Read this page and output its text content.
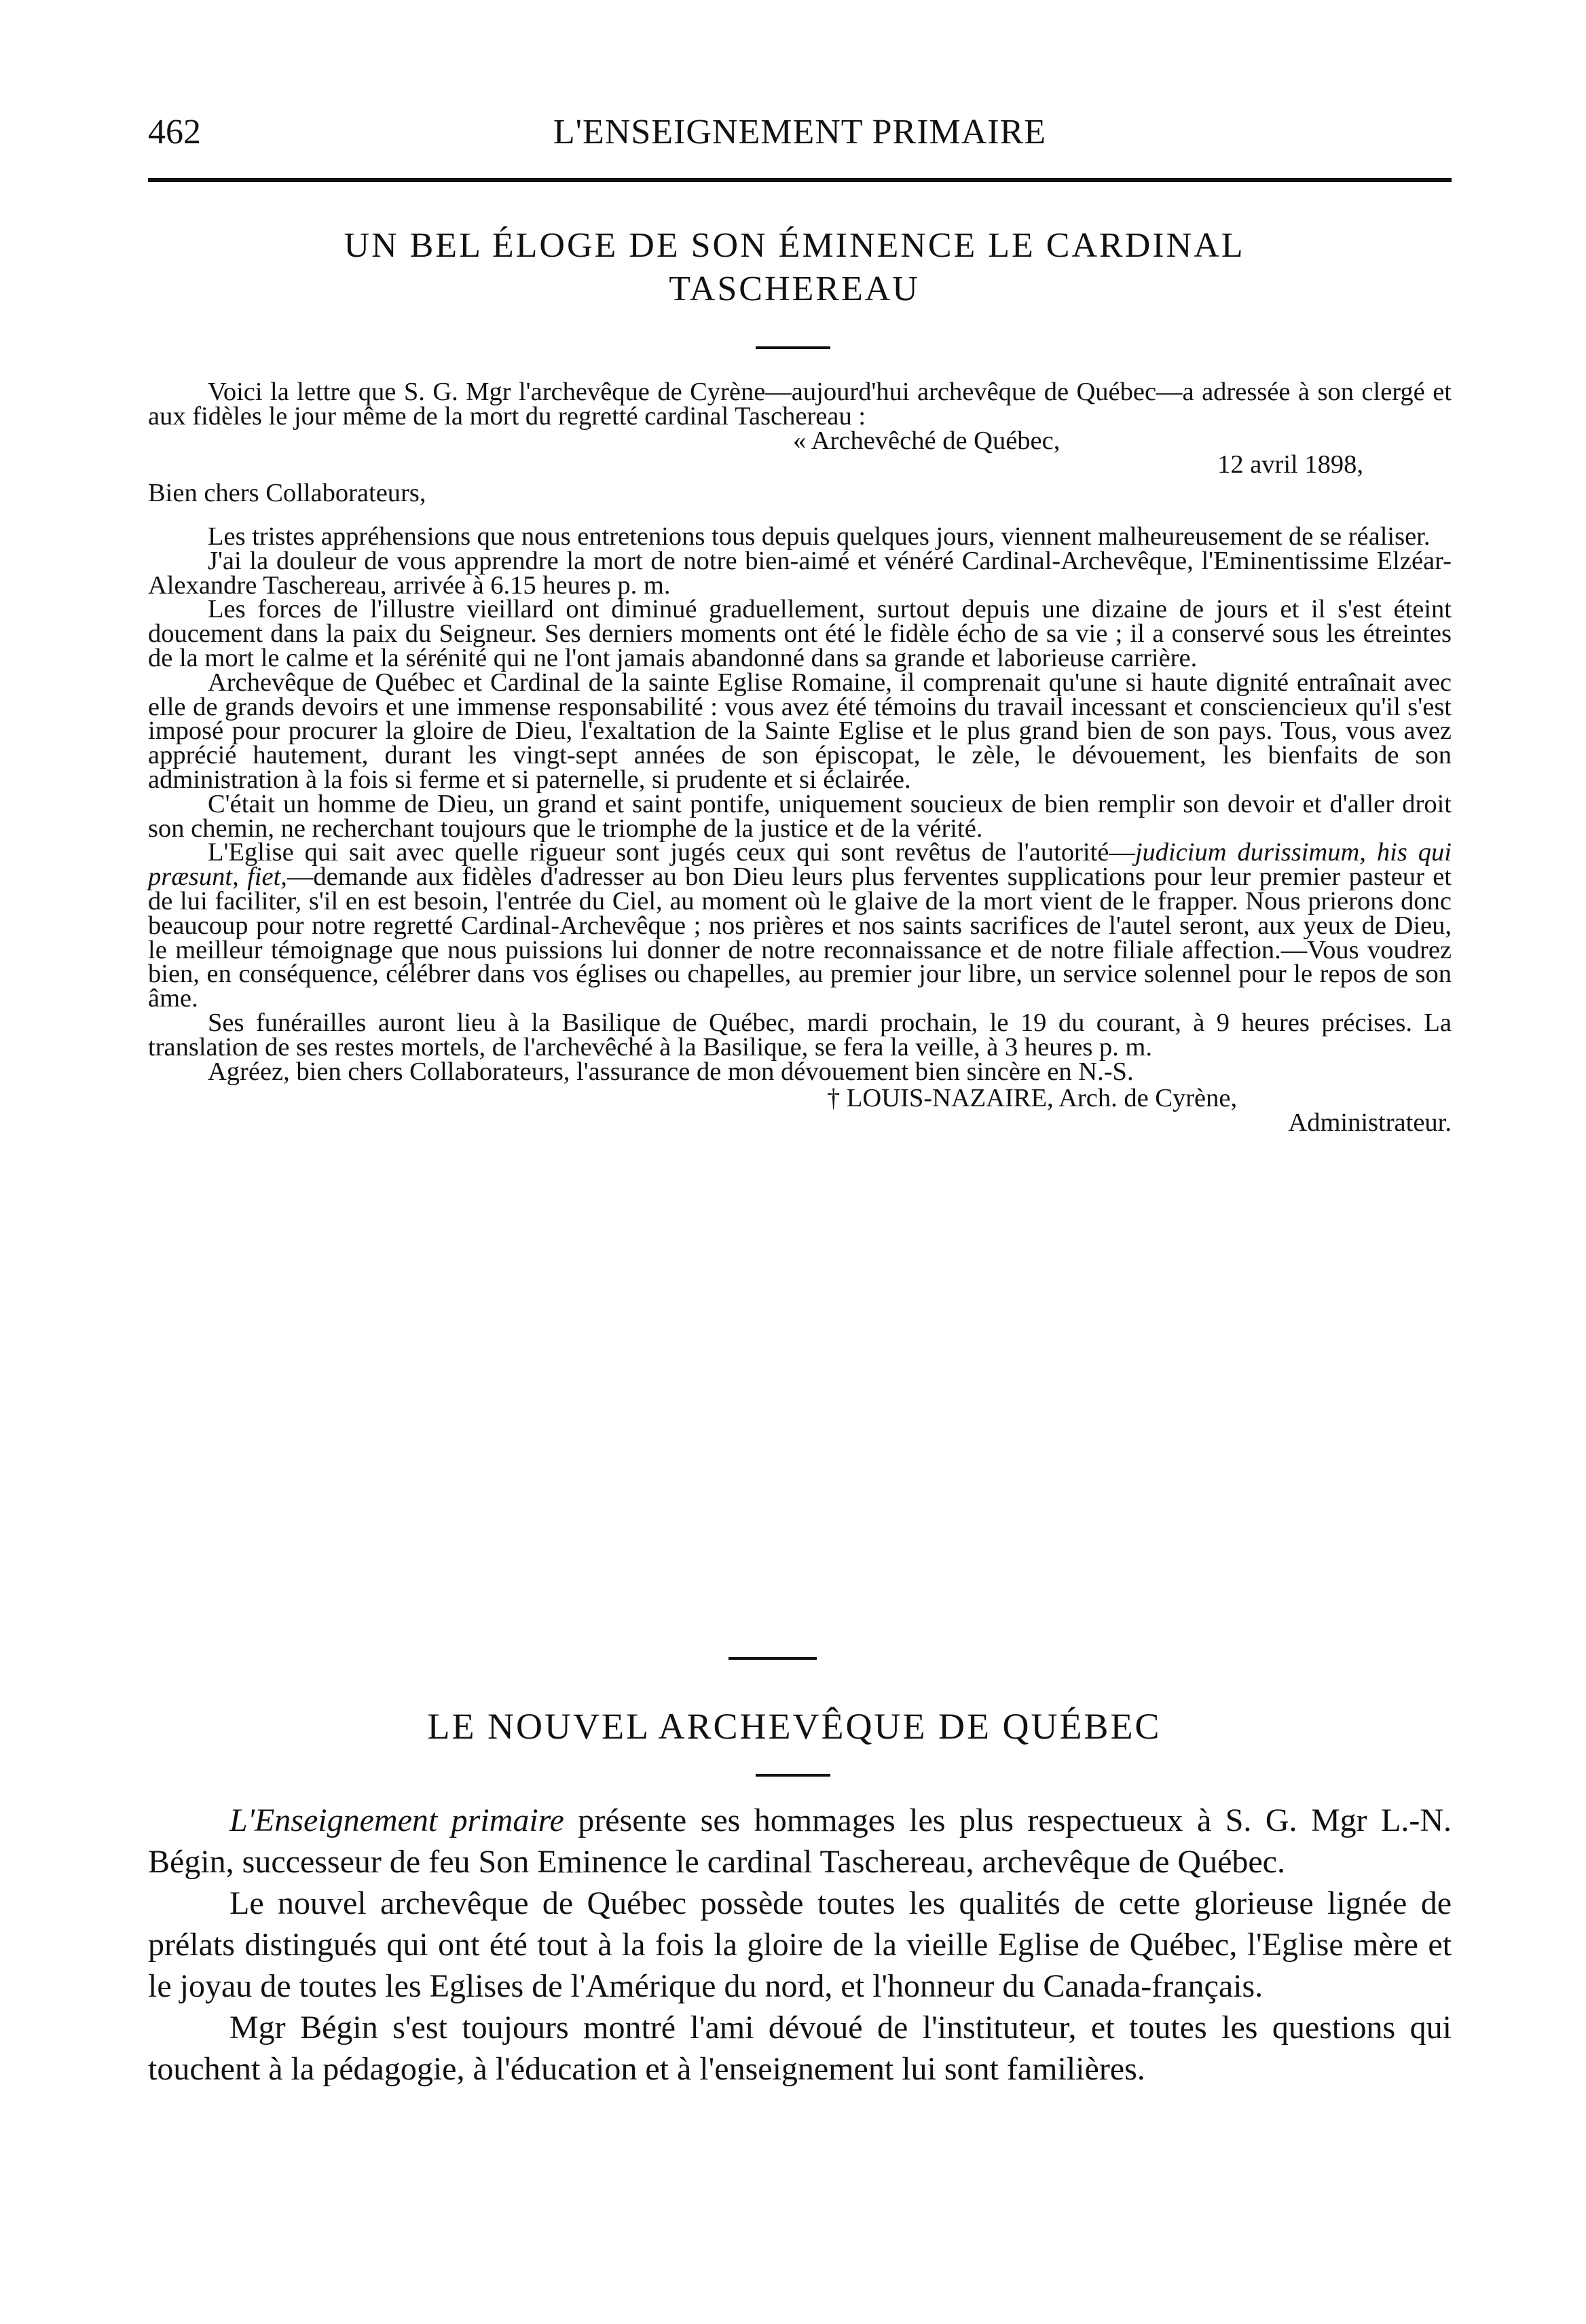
462	L'ENSEIGNEMENT PRIMAIRE
UN BEL ÉLOGE DE SON ÉMINENCE LE CARDINAL
TASCHEREAU

Voici la lettre que S. G. Mgr l'archevêque de Cyrène—aujourd'hui archevêque de Québec—a adressée à son clergé et aux fidèles le jour même de la mort du regretté cardinal Taschereau :

« Archevêché de Québec,
12 avril 1898,

Bien chers Collaborateurs,

Les tristes appréhensions que nous entretenions tous depuis quelques jours, viennent malheureusement de se réaliser.

J'ai la douleur de vous apprendre la mort de notre bien-aimé et vénéré Cardinal-Archevêque, l'Eminentissime Elzéar-Alexandre Taschereau, arrivée à 6.15 heures p. m.

Les forces de l'illustre vieillard ont diminué graduellement, surtout depuis une dizaine de jours et il s'est éteint doucement dans la paix du Seigneur. Ses derniers moments ont été le fidèle écho de sa vie ; il a conservé sous les étreintes de la mort le calme et la sérénité qui ne l'ont jamais abandonné dans sa grande et laborieuse carrière.

Archevêque de Québec et Cardinal de la sainte Eglise Romaine, il comprenait qu'une si haute dignité entraînait avec elle de grands devoirs et une immense responsabilité : vous avez été témoins du travail incessant et consciencieux qu'il s'est imposé pour procurer la gloire de Dieu, l'exaltation de la Sainte Eglise et le plus grand bien de son pays. Tous, vous avez apprécié hautement, durant les vingt-sept années de son épiscopat, le zèle, le dévouement, les bienfaits de son administration à la fois si ferme et si paternelle, si prudente et si éclairée.

C'était un homme de Dieu, un grand et saint pontife, uniquement soucieux de bien remplir son devoir et d'aller droit son chemin, ne recherchant toujours que le triomphe de la justice et de la vérité.

L'Eglise qui sait avec quelle rigueur sont jugés ceux qui sont revêtus de l'autorité—judicium durissimum, his qui præsunt, fiet,—demande aux fidèles d'adresser au bon Dieu leurs plus ferventes supplications pour leur premier pasteur et de lui faciliter, s'il en est besoin, l'entrée du Ciel, au moment où le glaive de la mort vient de le frapper. Nous prierons donc beaucoup pour notre regretté Cardinal-Archevêque ; nos prières et nos saints sacrifices de l'autel seront, aux yeux de Dieu, le meilleur témoignage que nous puissions lui donner de notre reconnaissance et de notre filiale affection.—Vous voudrez bien, en conséquence, célébrer dans vos églises ou chapelles, au premier jour libre, un service solennel pour le repos de son âme.

Ses funérailles auront lieu à la Basilique de Québec, mardi prochain, le 19 du courant, à 9 heures précises. La translation de ses restes mortels, de l'archevêché à la Basilique, se fera la veille, à 3 heures p. m.

Agréez, bien chers Collaborateurs, l'assurance de mon dévouement bien sincère en N.-S.

† LOUIS-NAZAIRE, Arch. de Cyrène,
Administrateur.
LE NOUVEL ARCHEVÊQUE DE QUÉBEC

L'Enseignement primaire présente ses hommages les plus respectueux à S. G. Mgr L.-N. Bégin, successeur de feu Son Eminence le cardinal Taschereau, archevêque de Québec.

Le nouvel archevêque de Québec possède toutes les qualités de cette glorieuse lignée de prélats distingués qui ont été tout à la fois la gloire de la vieille Eglise de Québec, l'Eglise mère et le joyau de toutes les Eglises de l'Amérique du nord, et l'honneur du Canada-français.

Mgr Bégin s'est toujours montré l'ami dévoué de l'instituteur, et toutes les questions qui touchent à la pédagogie, à l'éducation et à l'enseignement lui sont familières.
